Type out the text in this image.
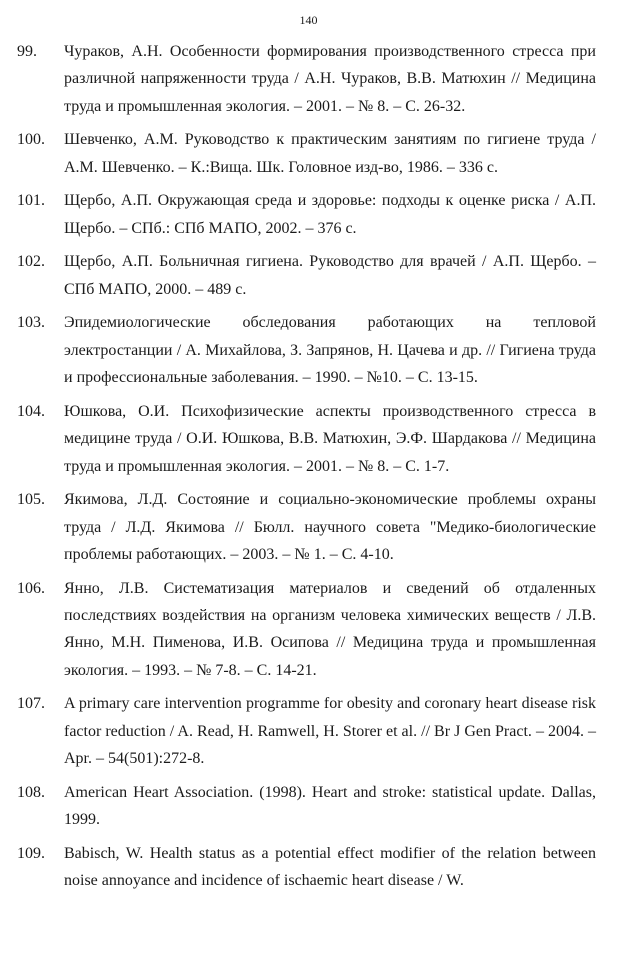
140
99.	Чураков, А.Н. Особенности формирования производственного стресса при различной напряженности труда / А.Н. Чураков, В.В. Матюхин // Медицина труда и промышленная экология. – 2001. – № 8. – С. 26-32.
100.	Шевченко, А.М. Руководство к практическим занятиям по гигиене труда / А.М. Шевченко. – К.:Вища. Шк. Головное изд-во, 1986. – 336 с.
101.	Щербо, А.П. Окружающая среда и здоровье: подходы к оценке риска / А.П. Щербо. – СПб.: СПб МАПО, 2002. – 376 с.
102.	Щербо, А.П. Больничная гигиена. Руководство для врачей / А.П. Щербо. – СПб МАПО, 2000. – 489 с.
103.	Эпидемиологические обследования работающих на тепловой электростанции / А. Михайлова, З. Запрянов, Н. Цачева и др. // Гигиена труда и профессиональные заболевания. – 1990. – №10. – С. 13-15.
104.	Юшкова, О.И. Психофизические аспекты производственного стресса в медицине труда / О.И. Юшкова, В.В. Матюхин, Э.Ф. Шардакова // Медицина труда и промышленная экология. – 2001. – № 8. – С. 1-7.
105.	Якимова, Л.Д. Состояние и социально-экономические проблемы охраны труда / Л.Д. Якимова // Бюлл. научного совета "Медико-биологические проблемы работающих. – 2003. – № 1. – С. 4-10.
106.	Янно, Л.В. Систематизация материалов и сведений об отдаленных последствиях воздействия на организм человека химических веществ / Л.В. Янно, М.Н. Пименова, И.В. Осипова // Медицина труда и промышленная экология. – 1993. – № 7-8. – С. 14-21.
107.	A primary care intervention programme for obesity and coronary heart disease risk factor reduction / A. Read, H. Ramwell, H. Storer et al. // Br J Gen Pract. – 2004. – Apr. – 54(501):272-8.
108.	American Heart Association. (1998). Heart and stroke: statistical update. Dallas, 1999.
109.	Babisch, W. Health status as a potential effect modifier of the relation between noise annoyance and incidence of ischaemic heart disease / W.
